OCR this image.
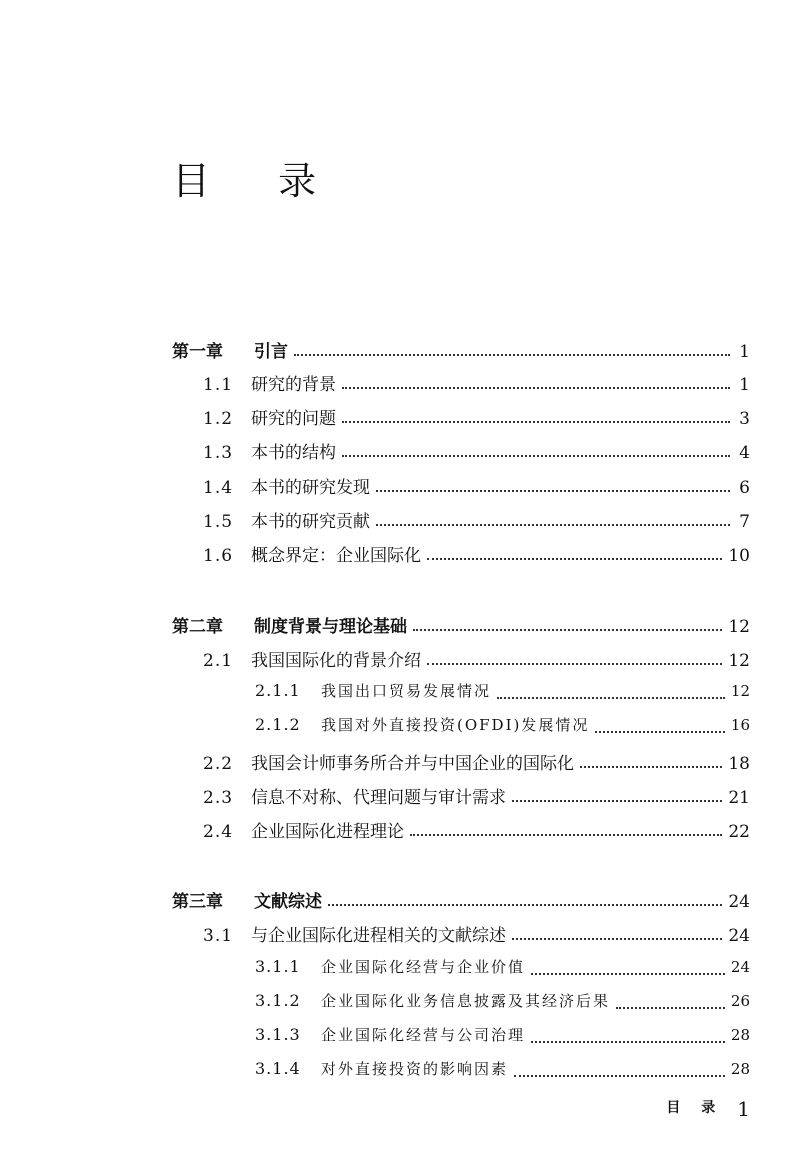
目 录
第一章	引言	1
1.1	研究的背景	1
1.2	研究的问题	3
1.3	本书的结构	4
1.4	本书的研究发现	6
1.5	本书的研究贡献	7
1.6	概念界定：企业国际化	10
第二章	制度背景与理论基础	12
2.1	我国国际化的背景介绍	12
2.1.1	我国出口贸易发展情况	12
2.1.2	我国对外直接投资(OFDI)发展情况	16
2.2	我国会计师事务所合并与中国企业的国际化	18
2.3	信息不对称、代理问题与审计需求	21
2.4	企业国际化进程理论	22
第三章	文献综述	24
3.1	与企业国际化进程相关的文献综述	24
3.1.1	企业国际化经营与企业价值	24
3.1.2	企业国际化业务信息披露及其经济后果	26
3.1.3	企业国际化经营与公司治理	28
3.1.4	对外直接投资的影响因素	28
目 录 1
